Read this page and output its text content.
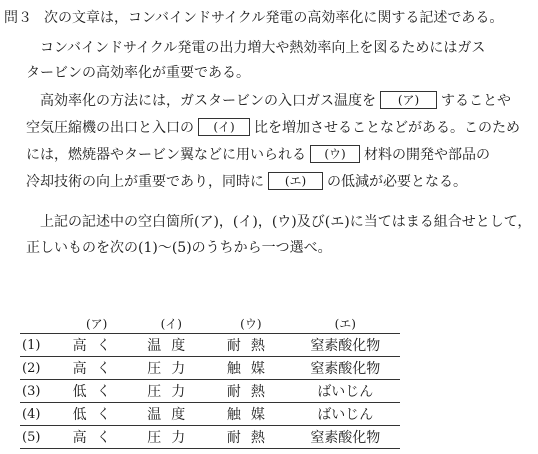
問３ 次の文章は，コンバインドサイクル発電の高効率化に関する記述である。
コンバインドサイクル発電の出力増大や熱効率向上を図るためにはガス
タービンの高効率化が重要である。
高効率化の方法には，ガスタービンの入口ガス温度を (ア) することや
空気圧縮機の出口と入口の (イ) 比を増加させることなどがある。このため
には，燃焼器やタービン翼などに用いられる (ウ) 材料の開発や部品の
冷却技術の向上が重要であり，同時に (エ) の低減が必要となる。
上記の記述中の空白箇所(ア)，(イ)，(ウ)及び(エ)に当てはまる組合せとして，
正しいものを次の(1)～(5)のうちから一つ選べ。
	(ア)	(イ)	(ウ)	(エ)
(1)	高く	温度	耐熱	窒素酸化物
(2)	高く	圧力	触媒	窒素酸化物
(3)	低く	圧力	耐熱	ばいじん
(4)	低く	温度	触媒	ばいじん
(5)	高く	圧力	耐熱	窒素酸化物
